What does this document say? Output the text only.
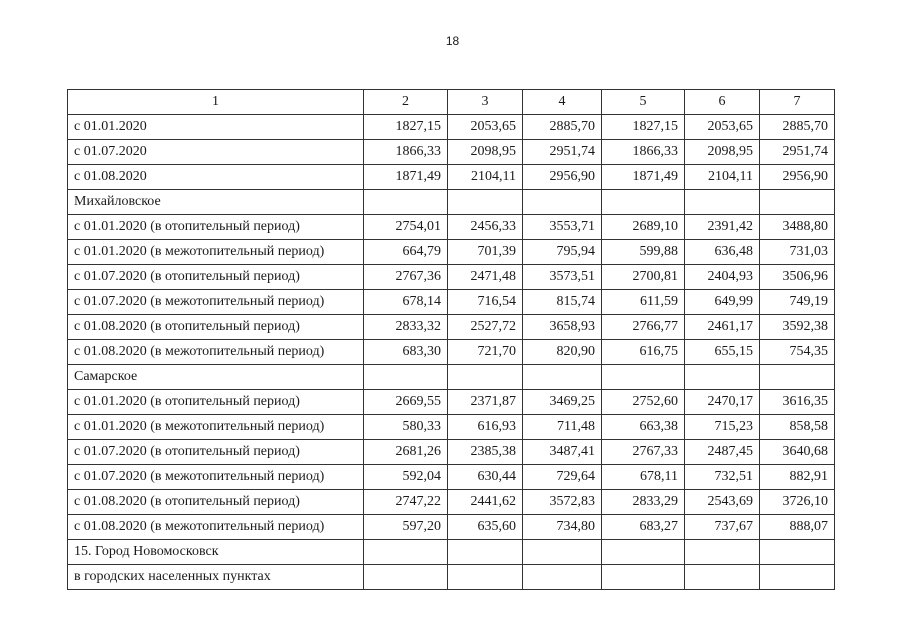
18
1	2	3	4	5	6	7
с 01.01.2020	1827,15	2053,65	2885,70	1827,15	2053,65	2885,70
с 01.07.2020	1866,33	2098,95	2951,74	1866,33	2098,95	2951,74
с 01.08.2020	1871,49	2104,11	2956,90	1871,49	2104,11	2956,90
Михайловское						
с 01.01.2020 (в отопительный период)	2754,01	2456,33	3553,71	2689,10	2391,42	3488,80
с 01.01.2020 (в межотопительный период)	664,79	701,39	795,94	599,88	636,48	731,03
с 01.07.2020 (в отопительный период)	2767,36	2471,48	3573,51	2700,81	2404,93	3506,96
с 01.07.2020 (в межотопительный период)	678,14	716,54	815,74	611,59	649,99	749,19
с 01.08.2020 (в отопительный период)	2833,32	2527,72	3658,93	2766,77	2461,17	3592,38
с 01.08.2020 (в межотопительный период)	683,30	721,70	820,90	616,75	655,15	754,35
Самарское						
с 01.01.2020 (в отопительный период)	2669,55	2371,87	3469,25	2752,60	2470,17	3616,35
с 01.01.2020 (в межотопительный период)	580,33	616,93	711,48	663,38	715,23	858,58
с 01.07.2020 (в отопительный период)	2681,26	2385,38	3487,41	2767,33	2487,45	3640,68
с 01.07.2020 (в межотопительный период)	592,04	630,44	729,64	678,11	732,51	882,91
с 01.08.2020 (в отопительный период)	2747,22	2441,62	3572,83	2833,29	2543,69	3726,10
с 01.08.2020 (в межотопительный период)	597,20	635,60	734,80	683,27	737,67	888,07
15. Город Новомосковск						
в городских населенных пунктах						
